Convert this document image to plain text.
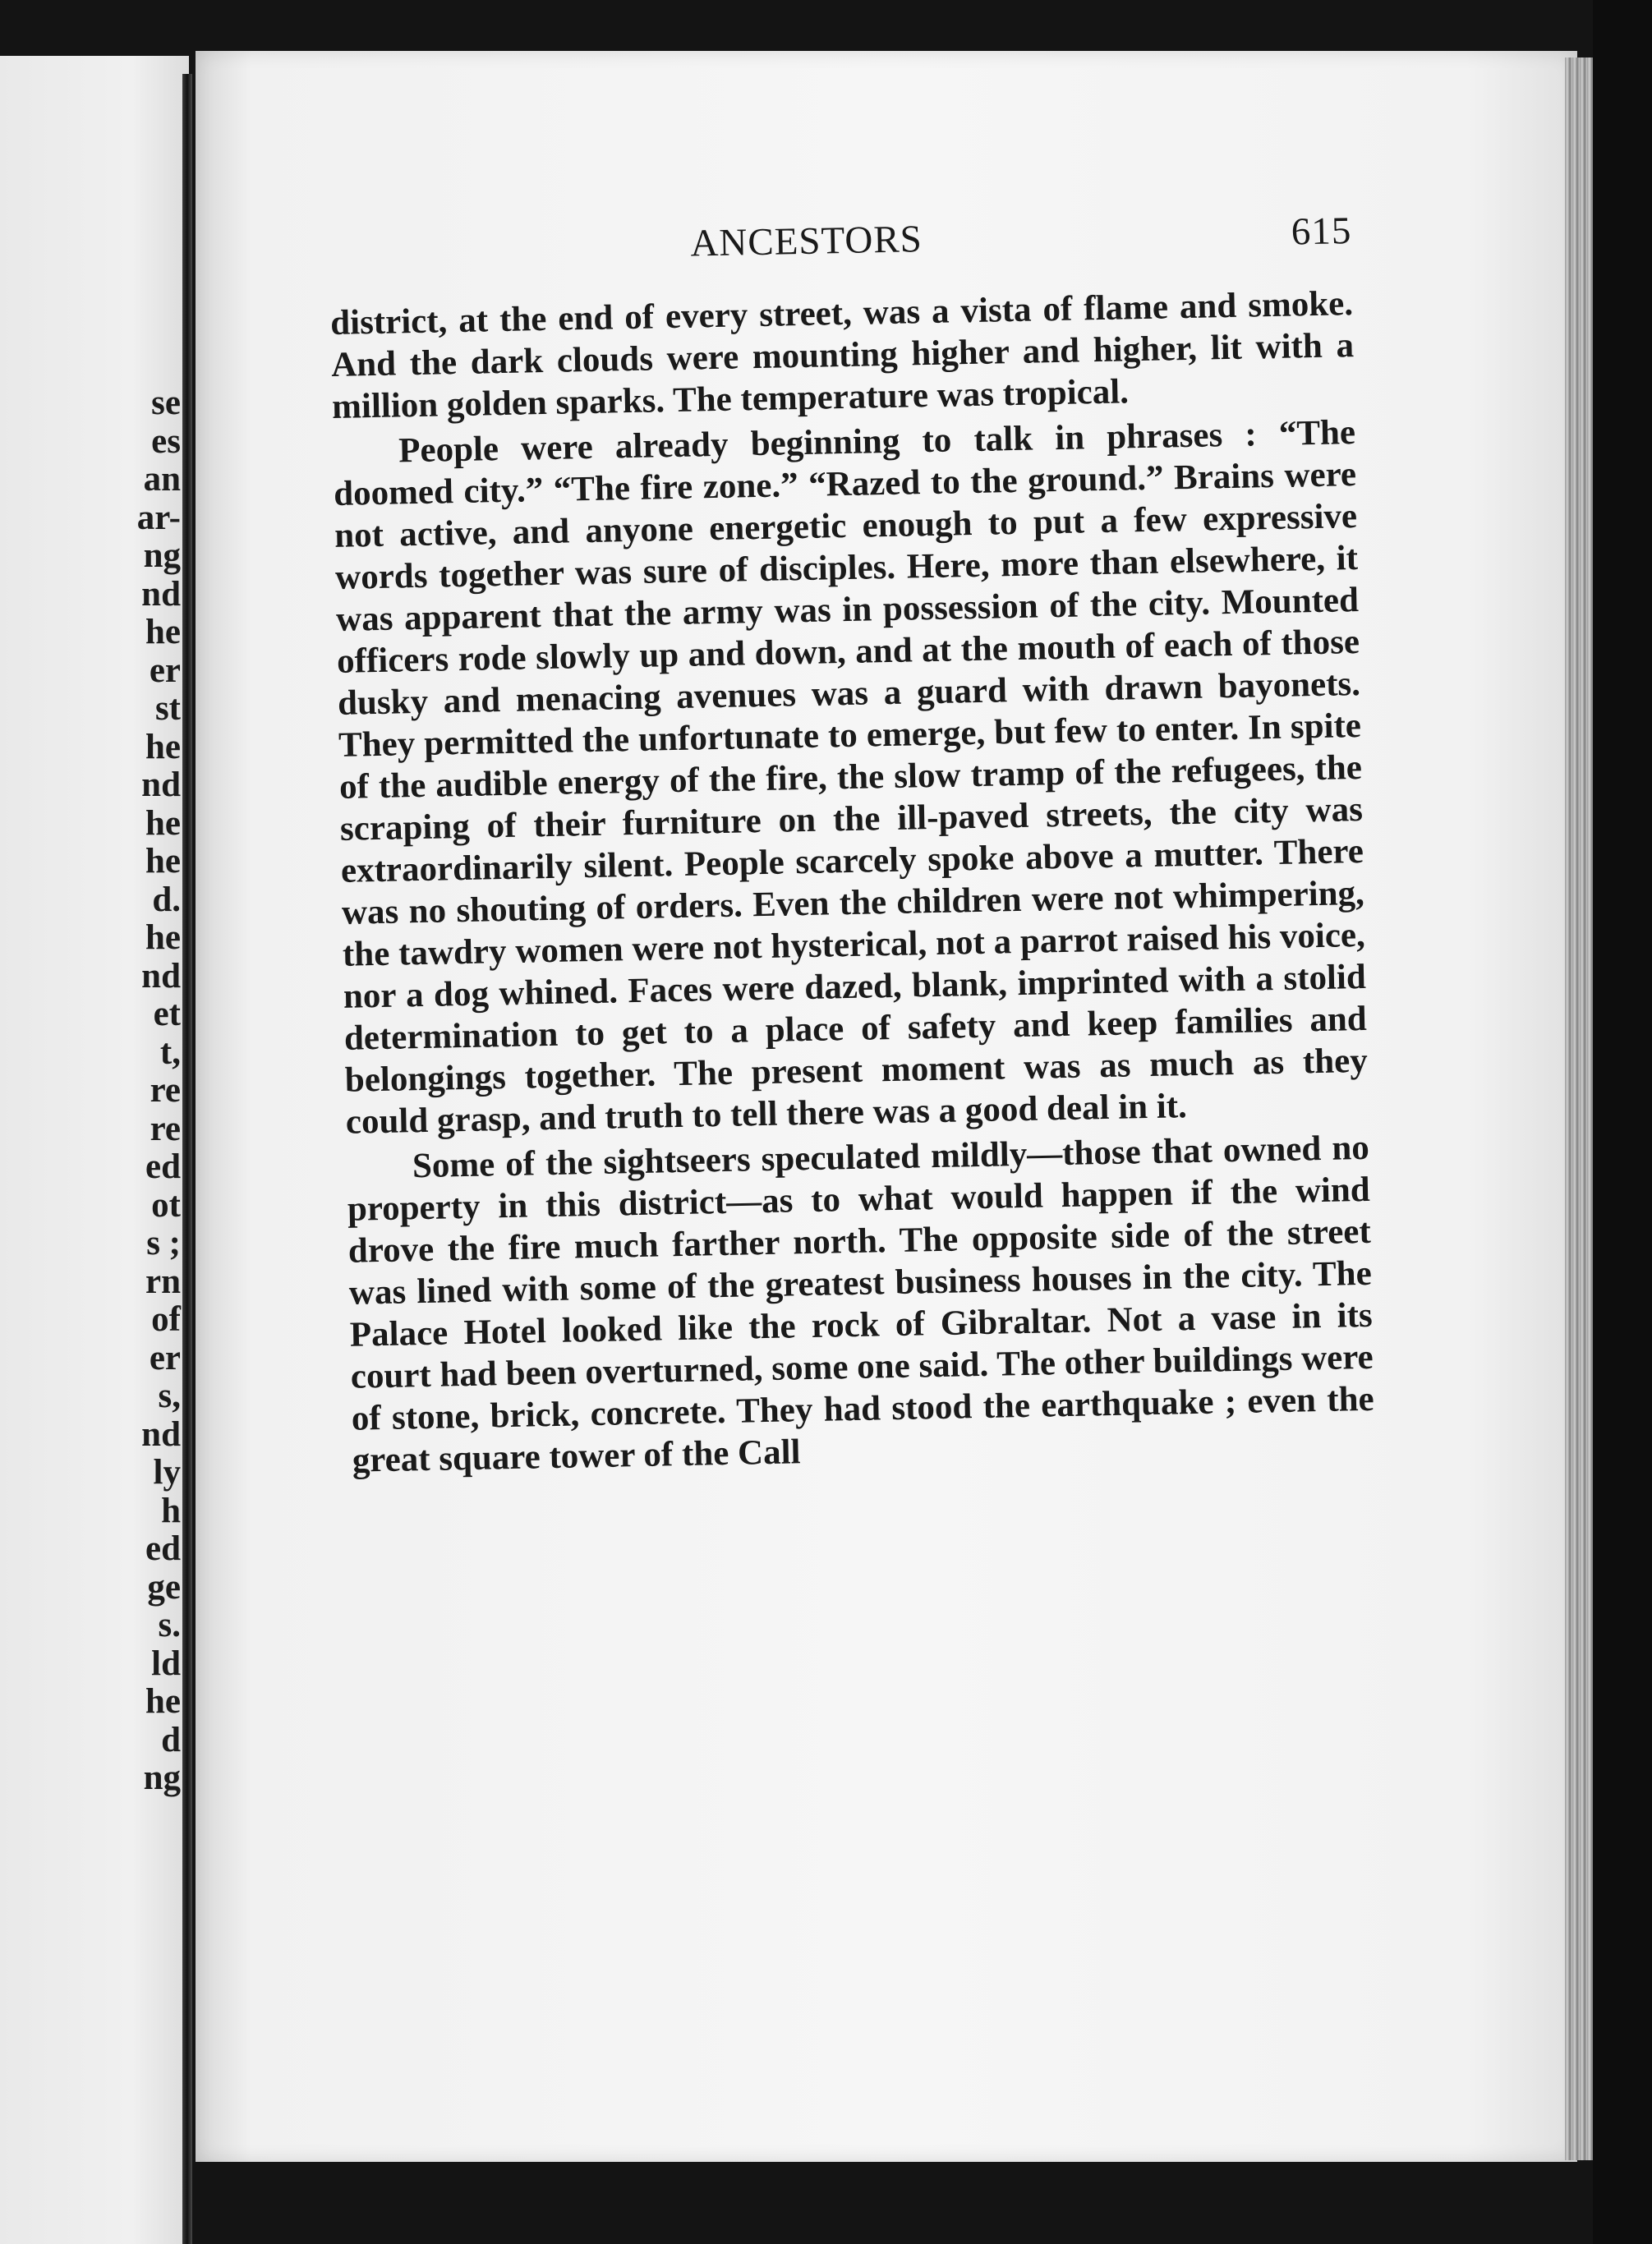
se
es
an
ar-
ng
nd
he
er
st
he
nd
he
he
d.
he
nd
et
t,
re
re
ed
ot
s ;
rn
of
er
s,
nd
ly
h
ed
ge
s.
ld
he
d
ng
ANCESTORS	615

district, at the end of every street, was a vista of flame and smoke. And the dark clouds were mounting higher and higher, lit with a million golden sparks. The temperature was tropical.

People were already beginning to talk in phrases : “The doomed city.” “The fire zone.” “Razed to the ground.” Brains were not active, and anyone energetic enough to put a few expressive words together was sure of disciples. Here, more than elsewhere, it was apparent that the army was in possession of the city. Mounted officers rode slowly up and down, and at the mouth of each of those dusky and menacing avenues was a guard with drawn bayonets. They permitted the unfortunate to emerge, but few to enter. In spite of the audible energy of the fire, the slow tramp of the refugees, the scraping of their furniture on the ill-paved streets, the city was extraordinarily silent. People scarcely spoke above a mutter. There was no shouting of orders. Even the children were not whimpering, the tawdry women were not hysterical, not a parrot raised his voice, nor a dog whined. Faces were dazed, blank, imprinted with a stolid determination to get to a place of safety and keep families and belongings together. The present moment was as much as they could grasp, and truth to tell there was a good deal in it.

Some of the sightseers speculated mildly—those that owned no property in this district—as to what would happen if the wind drove the fire much farther north. The opposite side of the street was lined with some of the greatest business houses in the city. The Palace Hotel looked like the rock of Gibraltar. Not a vase in its court had been overturned, some one said. The other buildings were of stone, brick, concrete. They had stood the earthquake ; even the great square tower of the Call
